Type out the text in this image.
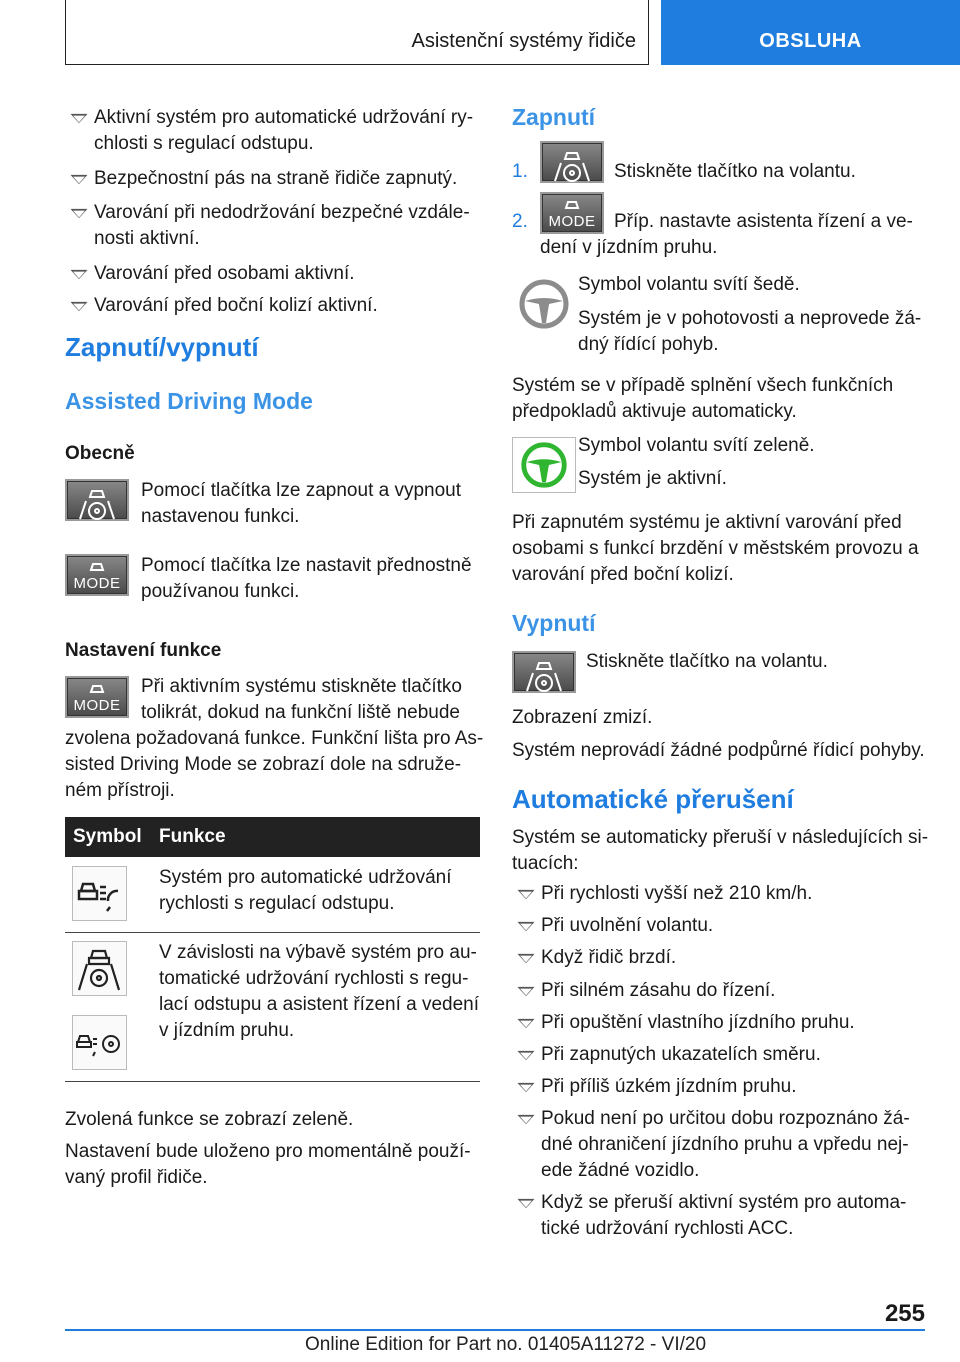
Asistenční systémy řidiče	OBSLUHA
Aktivní systém pro automatické udržování ry-
chlosti s regulací odstupu.
Bezpečnostní pás na straně řidiče zapnutý.
Varování při nedodržování bezpečné vzdále-
nosti aktivní.
Varování před osobami aktivní.
Varování před boční kolizí aktivní.
Zapnutí/vypnutí
Assisted Driving Mode
Obecně
Pomocí tlačítka lze zapnout a vypnout
nastavenou funkci.
MODE
Pomocí tlačítka lze nastavit přednostně
používanou funkci.
Nastavení funkce
MODE
Při aktivním systému stiskněte tlačítko
tolikrát, dokud na funkční liště nebude
zvolena požadovaná funkce. Funkční lišta pro As-
sisted Driving Mode se zobrazí dole na sdruže-
ném přístroji.
Symbol Funkce
Systém pro automatické udržování
rychlosti s regulací odstupu.
V závislosti na výbavě systém pro au-
tomatické udržování rychlosti s regu-
lací odstupu a asistent řízení a vedení
v jízdním pruhu.
Zvolená funkce se zobrazí zeleně.
Nastavení bude uloženo pro momentálně použí-
vaný profil řidiče.
Zapnutí
1.	Stiskněte tlačítko na volantu.
2.	MODE Příp. nastavte asistenta řízení a ve-
dení v jízdním pruhu.
Symbol volantu svítí šedě.
Systém je v pohotovosti a neprovede žá-
dný řídící pohyb.
Systém se v případě splnění všech funkčních
předpokladů aktivuje automaticky.
Symbol volantu svítí zeleně.
Systém je aktivní.
Při zapnutém systému je aktivní varování před
osobami s funkcí brzdění v městském provozu a
varování před boční kolizí.
Vypnutí
Stiskněte tlačítko na volantu.
Zobrazení zmizí.
Systém neprovádí žádné podpůrné řídicí pohyby.
Automatické přerušení
Systém se automaticky přeruší v následujících si-
tuacích:
Při rychlosti vyšší než 210 km/h.
Při uvolnění volantu.
Když řidič brzdí.
Při silném zásahu do řízení.
Při opuštění vlastního jízdního pruhu.
Při zapnutých ukazatelích směru.
Při příliš úzkém jízdním pruhu.
Pokud není po určitou dobu rozpoznáno žá-
dné ohraničení jízdního pruhu a vpředu nej-
ede žádné vozidlo.
Když se přeruší aktivní systém pro automa-
tické udržování rychlosti ACC.
255
Online Edition for Part no. 01405A11272 - VI/20
